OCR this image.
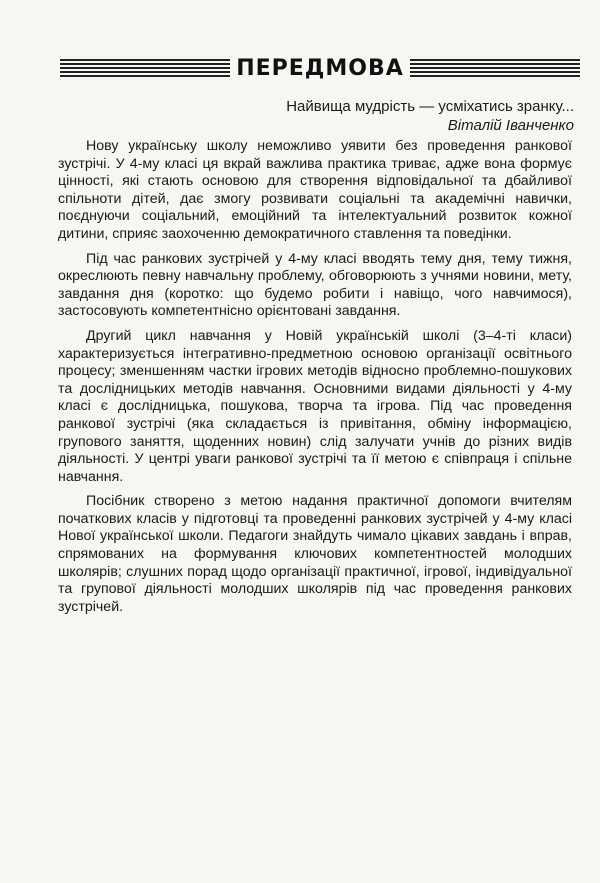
ПЕРЕДМОВА
Найвища мудрість — усміхатись зранку...
Віталій Іванченко

Нову українську школу неможливо уявити без проведення ранкової зустрічі. У 4-му класі ця вкрай важлива практика триває, адже вона формує цінності, які стають основою для створення відповідальної та дбайливої спільноти дітей, дає змогу розвивати соціальні та академічні навички, поєднуючи соціальний, емоційний та інтелектуальний розвиток кожної дитини, сприяє заохоченню демократичного ставлення та поведінки.

Під час ранкових зустрічей у 4-му класі вводять тему дня, тему тижня, окреслюють певну навчальну проблему, обговорюють з учнями новини, мету, завдання дня (коротко: що будемо робити і навіщо, чого навчимося), застосовують компетентнісно орієнтовані завдання.

Другий цикл навчання у Новій українській школі (3–4-ті класи) характеризується інтегративно-предметною основою організації освітнього процесу; зменшенням частки ігрових методів відносно проблемно-пошукових та дослідницьких методів навчання. Основними видами діяльності у 4-му класі є дослідницька, пошукова, творча та ігрова. Під час проведення ранкової зустрічі (яка складається із привітання, обміну інформацією, групового заняття, щоденних новин) слід залучати учнів до різних видів діяльності. У центрі уваги ранкової зустрічі та її метою є співпраця і спільне навчання.

Посібник створено з метою надання практичної допомоги вчителям початкових класів у підготовці та проведенні ранкових зустрічей у 4-му класі Нової української школи. Педагоги знайдуть чимало цікавих завдань і вправ, спрямованих на формування ключових компетентностей молодших школярів; слушних порад щодо організації практичної, ігрової, індивідуальної та групової діяльності молодших школярів під час проведення ранкових зустрічей.
